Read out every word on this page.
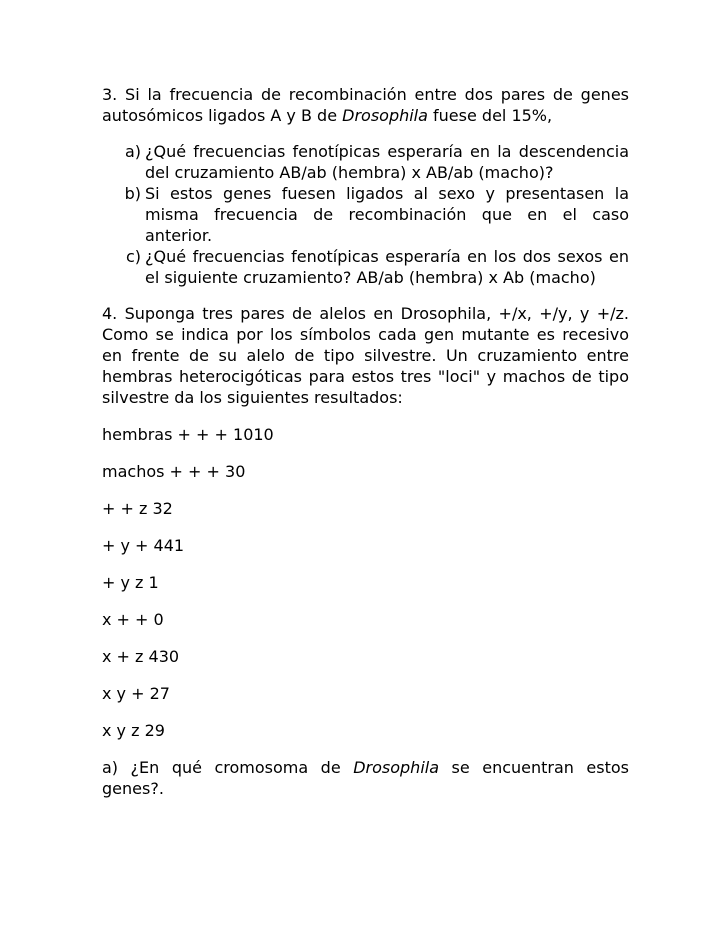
3. Si la frecuencia de recombinación entre dos pares de genes autosómicos ligados A y B de Drosophila fuese del 15%,

a) ¿Qué frecuencias fenotípicas esperaría en la descendencia del cruzamiento AB/ab (hembra) x AB/ab (macho)?
b) Si estos genes fuesen ligados al sexo y presentasen la misma frecuencia de recombinación que en el caso anterior.
c) ¿Qué frecuencias fenotípicas esperaría en los dos sexos en el siguiente cruzamiento? AB/ab (hembra) x Ab (macho)

4. Suponga tres pares de alelos en Drosophila, +/x, +/y, y +/z. Como se indica por los símbolos cada gen mutante es recesivo en frente de su alelo de tipo silvestre. Un cruzamiento entre hembras heterocigóticas para estos tres "loci" y machos de tipo silvestre da los siguientes resultados:

hembras + + + 1010

machos + + + 30

+ + z 32

+ y + 441

+ y z 1

x + + 0

x + z 430

x y + 27

x y z 29

a) ¿En qué cromosoma de Drosophila se encuentran estos genes?.
